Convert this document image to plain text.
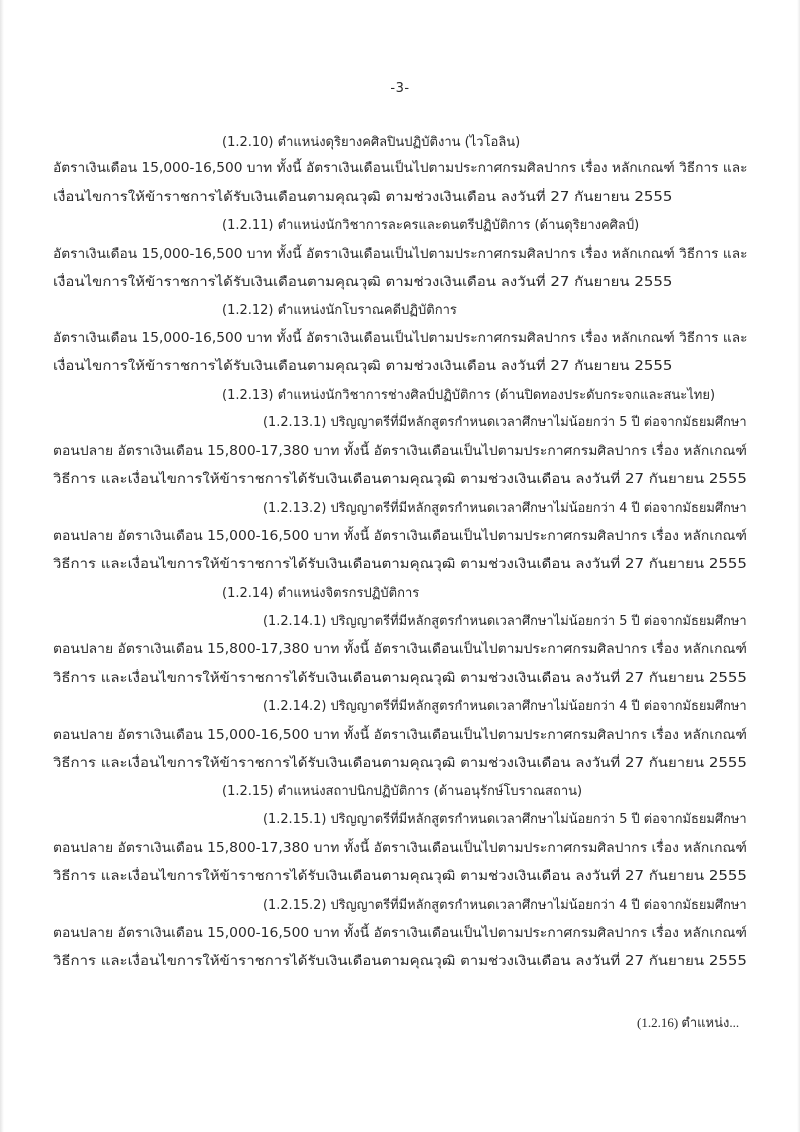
-3-
(1.2.10) ตำแหน่งดุริยางคศิลปินปฏิบัติงาน (ไวโอลิน)
อัตราเงินเดือน 15,000-16,500 บาท ทั้งนี้ อัตราเงินเดือนเป็นไปตามประกาศกรมศิลปากร เรื่อง หลักเกณฑ์ วิธีการ และ
เงื่อนไขการให้ข้าราชการได้รับเงินเดือนตามคุณวุฒิ ตามช่วงเงินเดือน ลงวันที่ 27 กันยายน 2555
(1.2.11) ตำแหน่งนักวิชาการละครและดนตรีปฏิบัติการ (ด้านดุริยางคศิลป์)
อัตราเงินเดือน 15,000-16,500 บาท ทั้งนี้ อัตราเงินเดือนเป็นไปตามประกาศกรมศิลปากร เรื่อง หลักเกณฑ์ วิธีการ และ
เงื่อนไขการให้ข้าราชการได้รับเงินเดือนตามคุณวุฒิ ตามช่วงเงินเดือน ลงวันที่ 27 กันยายน 2555
(1.2.12) ตำแหน่งนักโบราณคดีปฏิบัติการ
อัตราเงินเดือน 15,000-16,500 บาท ทั้งนี้ อัตราเงินเดือนเป็นไปตามประกาศกรมศิลปากร เรื่อง หลักเกณฑ์ วิธีการ และ
เงื่อนไขการให้ข้าราชการได้รับเงินเดือนตามคุณวุฒิ ตามช่วงเงินเดือน ลงวันที่ 27 กันยายน 2555
(1.2.13) ตำแหน่งนักวิชาการช่างศิลป์ปฏิบัติการ (ด้านปิดทองประดับกระจกและสนะไทย)
(1.2.13.1) ปริญญาตรีที่มีหลักสูตรกำหนดเวลาศึกษาไม่น้อยกว่า 5 ปี ต่อจากมัธยมศึกษา
ตอนปลาย อัตราเงินเดือน 15,800-17,380 บาท ทั้งนี้ อัตราเงินเดือนเป็นไปตามประกาศกรมศิลปากร เรื่อง หลักเกณฑ์
วิธีการ และเงื่อนไขการให้ข้าราชการได้รับเงินเดือนตามคุณวุฒิ ตามช่วงเงินเดือน ลงวันที่ 27 กันยายน 2555
(1.2.13.2) ปริญญาตรีที่มีหลักสูตรกำหนดเวลาศึกษาไม่น้อยกว่า 4 ปี ต่อจากมัธยมศึกษา
ตอนปลาย อัตราเงินเดือน 15,000-16,500 บาท ทั้งนี้ อัตราเงินเดือนเป็นไปตามประกาศกรมศิลปากร เรื่อง หลักเกณฑ์
วิธีการ และเงื่อนไขการให้ข้าราชการได้รับเงินเดือนตามคุณวุฒิ ตามช่วงเงินเดือน ลงวันที่ 27 กันยายน 2555
(1.2.14) ตำแหน่งจิตรกรปฏิบัติการ
(1.2.14.1) ปริญญาตรีที่มีหลักสูตรกำหนดเวลาศึกษาไม่น้อยกว่า 5 ปี ต่อจากมัธยมศึกษา
ตอนปลาย อัตราเงินเดือน 15,800-17,380 บาท ทั้งนี้ อัตราเงินเดือนเป็นไปตามประกาศกรมศิลปากร เรื่อง หลักเกณฑ์
วิธีการ และเงื่อนไขการให้ข้าราชการได้รับเงินเดือนตามคุณวุฒิ ตามช่วงเงินเดือน ลงวันที่ 27 กันยายน 2555
(1.2.14.2) ปริญญาตรีที่มีหลักสูตรกำหนดเวลาศึกษาไม่น้อยกว่า 4 ปี ต่อจากมัธยมศึกษา
ตอนปลาย อัตราเงินเดือน 15,000-16,500 บาท ทั้งนี้ อัตราเงินเดือนเป็นไปตามประกาศกรมศิลปากร เรื่อง หลักเกณฑ์
วิธีการ และเงื่อนไขการให้ข้าราชการได้รับเงินเดือนตามคุณวุฒิ ตามช่วงเงินเดือน ลงวันที่ 27 กันยายน 2555
(1.2.15) ตำแหน่งสถาปนิกปฏิบัติการ (ด้านอนุรักษ์โบราณสถาน)
(1.2.15.1) ปริญญาตรีที่มีหลักสูตรกำหนดเวลาศึกษาไม่น้อยกว่า 5 ปี ต่อจากมัธยมศึกษา
ตอนปลาย อัตราเงินเดือน 15,800-17,380 บาท ทั้งนี้ อัตราเงินเดือนเป็นไปตามประกาศกรมศิลปากร เรื่อง หลักเกณฑ์
วิธีการ และเงื่อนไขการให้ข้าราชการได้รับเงินเดือนตามคุณวุฒิ ตามช่วงเงินเดือน ลงวันที่ 27 กันยายน 2555
(1.2.15.2) ปริญญาตรีที่มีหลักสูตรกำหนดเวลาศึกษาไม่น้อยกว่า 4 ปี ต่อจากมัธยมศึกษา
ตอนปลาย อัตราเงินเดือน 15,000-16,500 บาท ทั้งนี้ อัตราเงินเดือนเป็นไปตามประกาศกรมศิลปากร เรื่อง หลักเกณฑ์
วิธีการ และเงื่อนไขการให้ข้าราชการได้รับเงินเดือนตามคุณวุฒิ ตามช่วงเงินเดือน ลงวันที่ 27 กันยายน 2555
(1.2.16) ตำแหน่ง...
